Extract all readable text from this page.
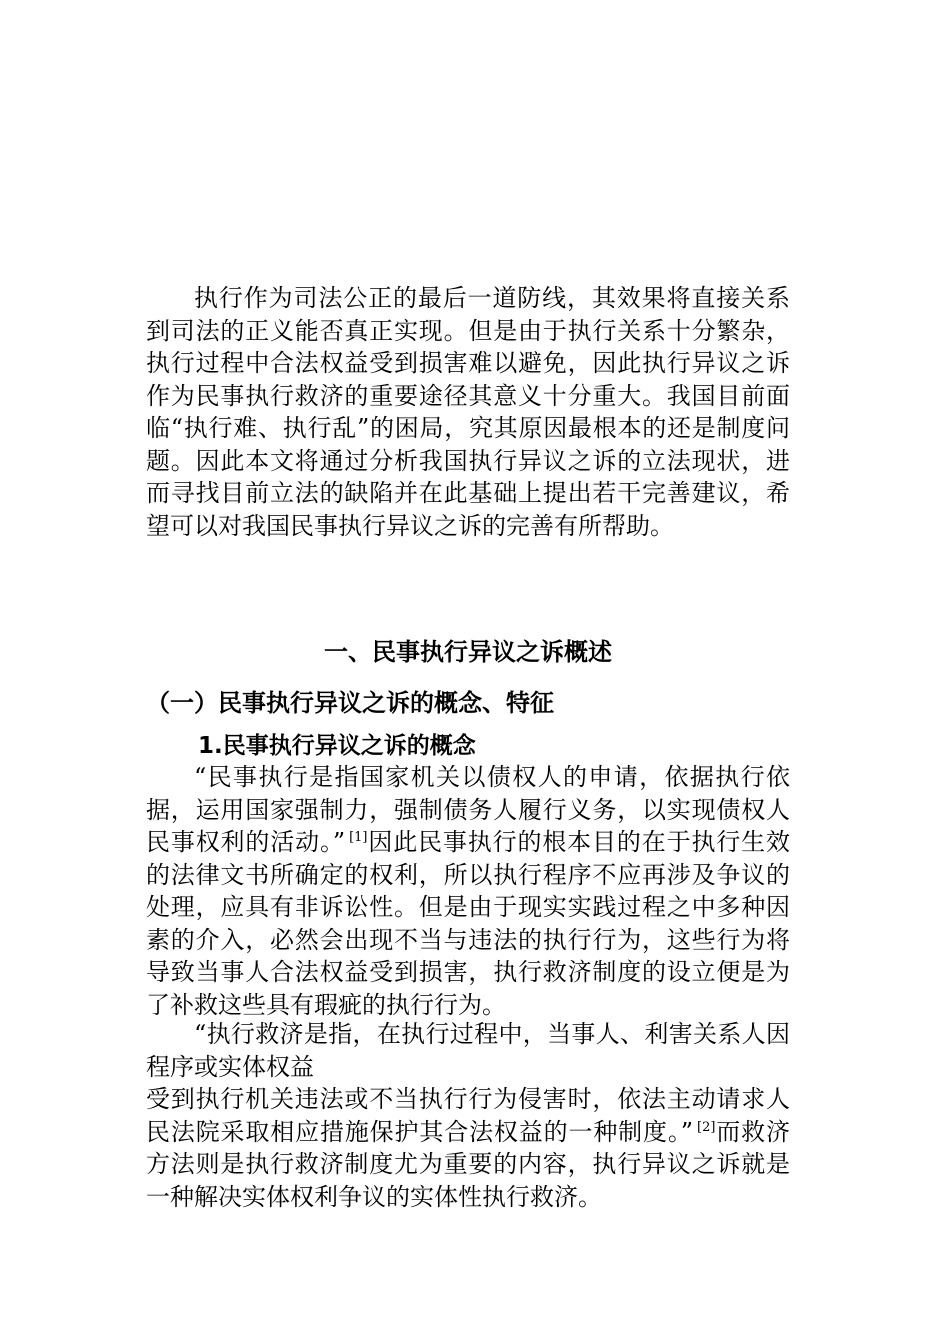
执行作为司法公正的最后一道防线，其效果将直接关系到司法的正义能否真正实现。但是由于执行关系十分繁杂，执行过程中合法权益受到损害难以避免，因此执行异议之诉作为民事执行救济的重要途径其意义十分重大。我国目前面临“执行难、执行乱”的困局，究其原因最根本的还是制度问题。因此本文将通过分析我国执行异议之诉的立法现状，进而寻找目前立法的缺陷并在此基础上提出若干完善建议，希望可以对我国民事执行异议之诉的完善有所帮助。

一、民事执行异议之诉概述
（一）民事执行异议之诉的概念、特征
1.民事执行异议之诉的概念

“民事执行是指国家机关以债权人的申请，依据执行依据，运用国家强制力，强制债务人履行义务，以实现债权人民事权利的活动。” [1]因此民事执行的根本目的在于执行生效的法律文书所确定的权利，所以执行程序不应再涉及争议的处理，应具有非诉讼性。但是由于现实实践过程之中多种因素的介入，必然会出现不当与违法的执行行为，这些行为将导致当事人合法权益受到损害，执行救济制度的设立便是为了补救这些具有瑕疵的执行行为。

“执行救济是指，在执行过程中，当事人、利害关系人因程序或实体权益

受到执行机关违法或不当执行行为侵害时，依法主动请求人民法院采取相应措施保护其合法权益的一种制度。” [2]而救济方法则是执行救济制度尤为重要的内容，执行异议之诉就是一种解决实体权利争议的实体性执行救济。
